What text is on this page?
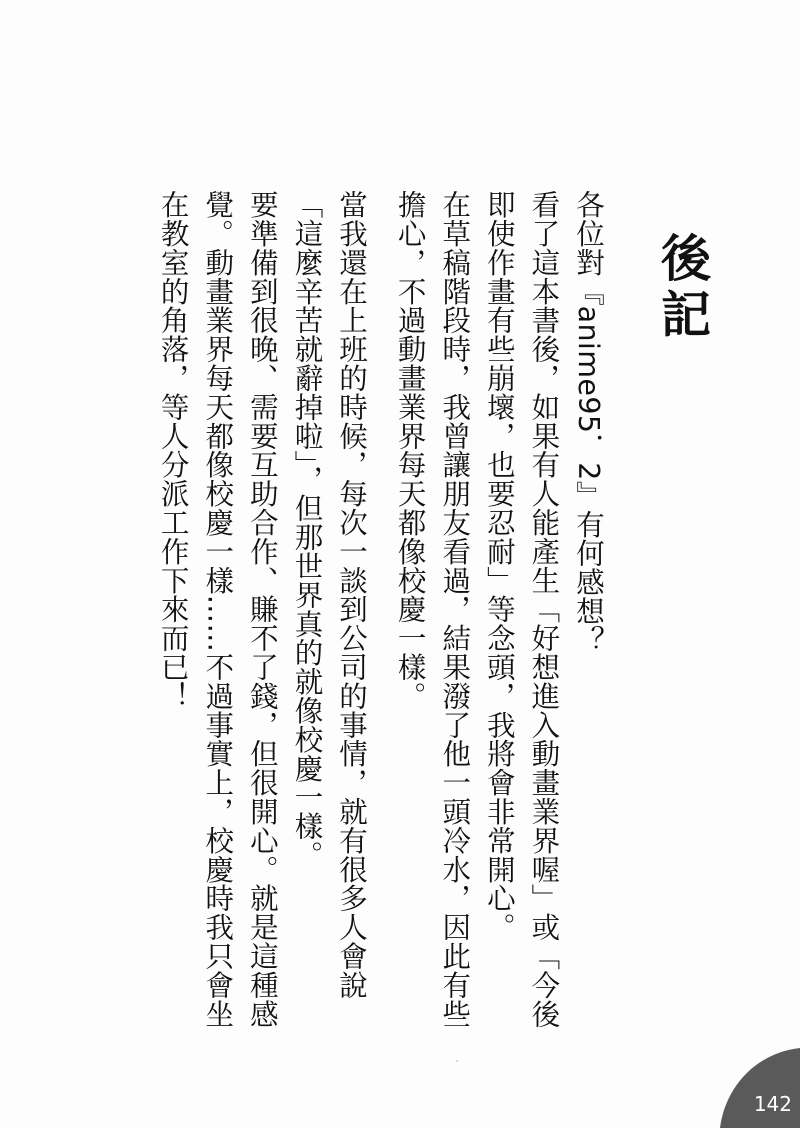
後記

各位對『anime95．2』有何感想？

看了這本書後，如果有人能產生「好想進入動畫業界喔」或「今後即使作畫有些崩壞，也要忍耐」等念頭，我將會非常開心。

在草稿階段時，我曾讓朋友看過，結果潑了他一頭冷水，因此有些擔心，不過動畫業界每天都像校慶一樣。

當我還在上班的時候，每次一談到公司的事情，就有很多人會說「這麼辛苦就辭掉啦」，但那世界真的就像校慶一樣。

要準備到很晚、需要互助合作、賺不了錢，但很開心。就是這種感覺。動畫業界每天都像校慶一樣……不過事實上，校慶時我只會坐在教室的角落，等人分派工作下來而已！

142
